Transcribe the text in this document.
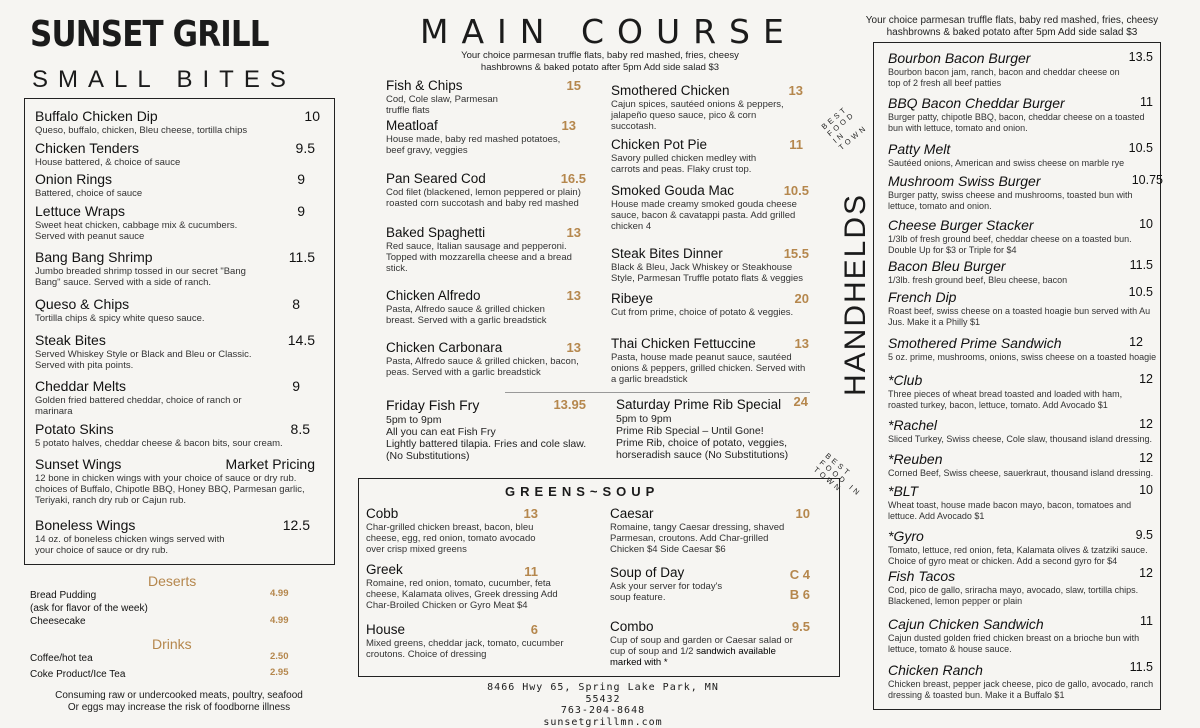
SUNSET GRILL
SMALL BITES
Buffalo Chicken Dip	10
Queso, buffalo, chicken, Bleu cheese, tortilla chips
Chicken Tenders	9.5
House battered, & choice of sauce
Onion Rings	9
Battered, choice of sauce
Lettuce Wraps	9
Sweet heat chicken, cabbage mix & cucumbers. Served with peanut sauce
Bang Bang Shrimp	11.5
Jumbo breaded shrimp tossed in our secret "Bang Bang" sauce. Served with a side of ranch.
Queso & Chips	8
Tortilla chips & spicy white queso sauce.
Steak Bites	14.5
Served Whiskey Style or Black and Bleu or Classic. Served with pita points.
Cheddar Melts	9
Golden fried battered cheddar, choice of ranch or marinara
Potato Skins	8.5
5 potato halves, cheddar cheese & bacon bits, sour cream.
Sunset Wings	Market Pricing
12 bone in chicken wings with your choice of sauce or dry rub. choices of Buffalo, Chipotle BBQ, Honey BBQ, Parmesan garlic, Teriyaki, ranch dry rub or Cajun rub.
Boneless Wings	12.5
14 oz. of boneless chicken wings served with your choice of sauce or dry rub.
Deserts
Bread Pudding	4.99
(ask for flavor of the week)
Cheesecake	4.99
Drinks
Coffee/hot tea	2.50
Coke Product/Ice Tea	2.95
Consuming raw or undercooked meats, poultry, seafood
Or eggs may increase the risk of foodborne illness
MAIN COURSE
Your choice parmesan truffle flats, baby red mashed, fries, cheesy
hashbrowns & baked potato after 5pm Add side salad $3
Fish & Chips	15
Cod, Cole slaw, Parmesan truffle flats
Meatloaf	13
House made, baby red mashed potatoes, beef gravy, veggies
Pan Seared Cod	16.5
Cod filet (blackened, lemon peppered or plain) roasted corn succotash and baby red mashed
Baked Spaghetti	13
Red sauce, Italian sausage and pepperoni. Topped with mozzarella cheese and a bread stick.
Chicken Alfredo	13
Pasta, Alfredo sauce & grilled chicken breast. Served with a garlic breadstick
Chicken Carbonara	13
Pasta, Alfredo sauce & grilled chicken, bacon, peas. Served with a garlic breadstick
Smothered Chicken	13
Cajun spices, sautéed onions & peppers, jalapeño queso sauce, pico & corn succotash.
Chicken Pot Pie	11
Savory pulled chicken medley with carrots and peas. Flaky crust top.
Smoked Gouda Mac	10.5
House made creamy smoked gouda cheese sauce, bacon & cavatappi pasta. Add grilled chicken 4
Steak Bites Dinner	15.5
Black & Bleu, Jack Whiskey or Steakhouse Style, Parmesan Truffle potato flats & veggies
Ribeye	20
Cut from prime, choice of potato & veggies.
Thai Chicken Fettuccine	13
Pasta, house made peanut sauce, sautéed onions & peppers, grilled chicken. Served with a garlic breadstick
Friday Fish Fry	13.95
5pm to 9pm
All you can eat Fish Fry
Lightly battered tilapia. Fries and cole slaw.
(No Substitutions)
Saturday Prime Rib Special 24
5pm to 9pm
Prime Rib Special – Until Gone!
Prime Rib, choice of potato, veggies,
horseradish sauce (No Substitutions)
GREENS~SOUP
Cobb	13
Char-grilled chicken breast, bacon, bleu cheese, egg, red onion, tomato avocado over crisp mixed greens
Greek	11
Romaine, red onion, tomato, cucumber, feta cheese, Kalamata olives, Greek dressing Add Char-Broiled Chicken or Gyro Meat $4
House	6
Mixed greens, cheddar jack, tomato, cucumber croutons. Choice of dressing
Caesar	10
Romaine, tangy Caesar dressing, shaved Parmesan, croutons. Add Char-grilled Chicken $4 Side Caesar $6
Soup of Day	C 4
B 6
Ask your server for today's soup feature.
Combo	9.5
Cup of soup and garden or Caesar salad or cup of soup and 1/2 sandwich available marked with *
8466 Hwy 65, Spring Lake Park, MN 55432
763-204-8648
sunsetgrillmn.com
Your choice parmesan truffle flats, baby red mashed, fries, cheesy
hashbrowns & baked potato after 5pm Add side salad $3
HANDHELDS
BEST FOOD IN TOWN
BEST FOOD IN TOWN
Bourbon Bacon Burger	13.5
Bourbon bacon jam, ranch, bacon and cheddar cheese on top of 2 fresh all beef patties
BBQ Bacon Cheddar Burger	11
Burger patty, chipotle BBQ, bacon, cheddar cheese on a toasted bun with lettuce, tomato and onion.
Patty Melt	10.5
Sautéed onions, American and swiss cheese on marble rye
Mushroom Swiss Burger	10.75
Burger patty, swiss cheese and mushrooms, toasted bun with lettuce, tomato and onion.
Cheese Burger Stacker	10
1/3lb of fresh ground beef, cheddar cheese on a toasted bun. Double Up for $3 or Triple for $4
Bacon Bleu Burger	11.5
1/3lb. fresh ground beef, Bleu cheese, bacon
French Dip	10.5
Roast beef, swiss cheese on a toasted hoagie bun served with Au Jus. Make it a Philly $1
Smothered Prime Sandwich	12
5 oz. prime, mushrooms, onions, swiss cheese on a toasted hoagie
*Club	12
Three pieces of wheat bread toasted and loaded with ham, roasted turkey, bacon, lettuce, tomato. Add Avocado $1
*Rachel	12
Sliced Turkey, Swiss cheese, Cole slaw, thousand island dressing.
*Reuben	12
Corned Beef, Swiss cheese, sauerkraut, thousand island dressing.
*BLT	10
Wheat toast, house made bacon mayo, bacon, tomatoes and lettuce. Add Avocado $1
*Gyro	9.5
Tomato, lettuce, red onion, feta, Kalamata olives & tzatziki sauce. Choice of gyro meat or chicken. Add a second gyro for $4
Fish Tacos	12
Cod, pico de gallo, sriracha mayo, avocado, slaw, tortilla chips. Blackened, lemon pepper or plain
Cajun Chicken Sandwich	11
Cajun dusted golden fried chicken breast on a brioche bun with lettuce, tomato & house sauce.
Chicken Ranch	11.5
Chicken breast, pepper jack cheese, pico de gallo, avocado, ranch dressing & toasted bun. Make it a Buffalo $1
